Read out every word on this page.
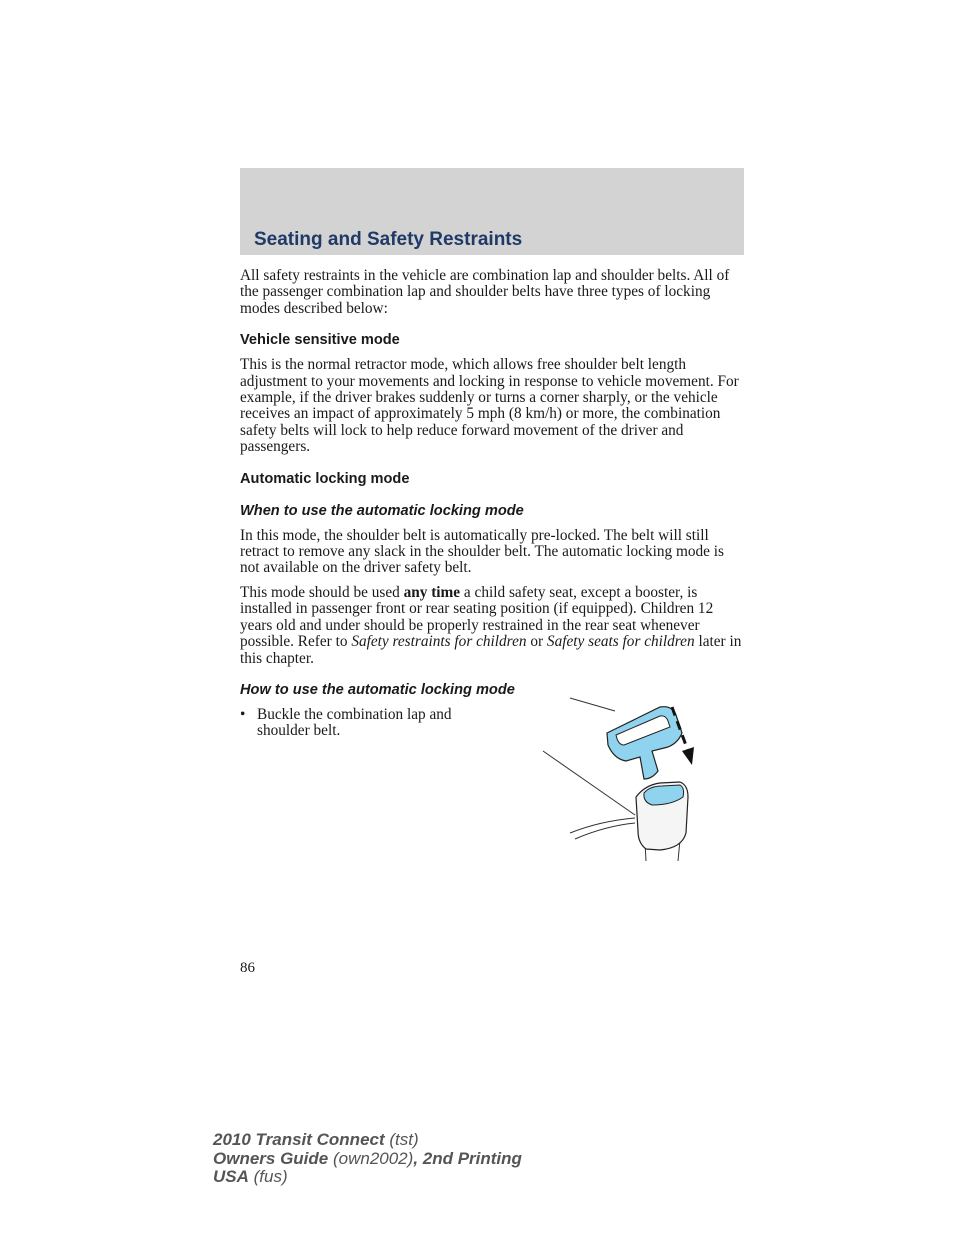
Seating and Safety Restraints

All safety restraints in the vehicle are combination lap and shoulder belts. All of the passenger combination lap and shoulder belts have three types of locking modes described below:

Vehicle sensitive mode

This is the normal retractor mode, which allows free shoulder belt length adjustment to your movements and locking in response to vehicle movement. For example, if the driver brakes suddenly or turns a corner sharply, or the vehicle receives an impact of approximately 5 mph (8 km/h) or more, the combination safety belts will lock to help reduce forward movement of the driver and passengers.

Automatic locking mode
When to use the automatic locking mode

In this mode, the shoulder belt is automatically pre-locked. The belt will still retract to remove any slack in the shoulder belt. The automatic locking mode is not available on the driver safety belt.

This mode should be used any time a child safety seat, except a booster, is installed in passenger front or rear seating position (if equipped). Children 12 years old and under should be properly restrained in the rear seat whenever possible. Refer to Safety restraints for children or Safety seats for children later in this chapter.

How to use the automatic locking mode
• Buckle the combination lap and shoulder belt.
86
2010 Transit Connect (tst)
Owners Guide (own2002), 2nd Printing
USA (fus)
